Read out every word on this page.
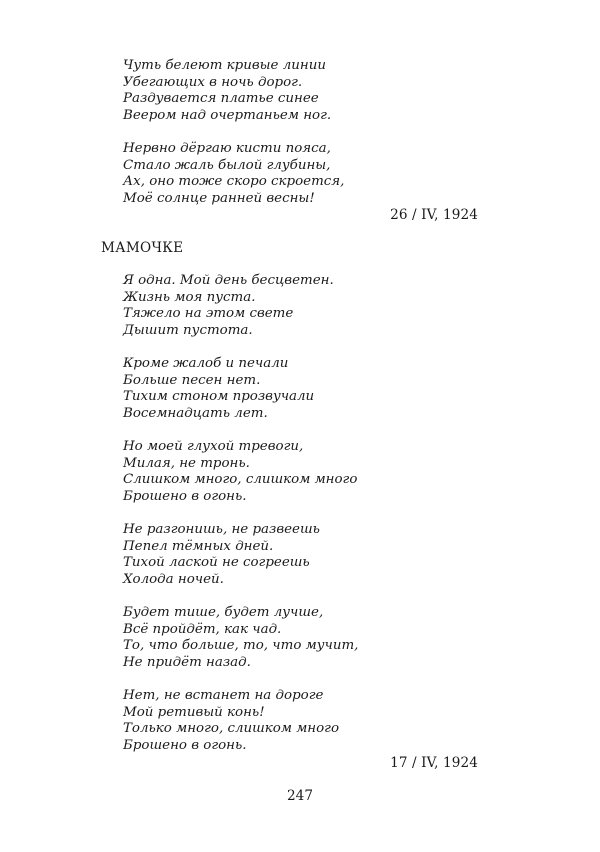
Чуть белеют кривые линии
Убегающих в ночь дорог.
Раздувается платье синее
Веером над очертаньем ног.
Нервно дёргаю кисти пояса,
Стало жаль былой глубины,
Ах, оно тоже скоро скроется,
Моё солнце ранней весны!
26 / IV, 1924
МАМОЧКЕ
Я одна. Мой день бесцветен.
Жизнь моя пуста.
Тяжело на этом свете
Дышит пустота.
Кроме жалоб и печали
Больше песен нет.
Тихим стоном прозвучали
Восемнадцать лет.
Но моей глухой тревоги,
Милая, не тронь.
Слишком много, слишком много
Брошено в огонь.
Не разгонишь, не развеешь
Пепел тёмных дней.
Тихой лаской не согреешь
Холода ночей.
Будет тише, будет лучше,
Всё пройдёт, как чад.
То, что больше, то, что мучит,
Не придёт назад.
Нет, не встанет на дороге
Мой ретивый конь!
Только много, слишком много
Брошено в огонь.
17 / IV, 1924
247
